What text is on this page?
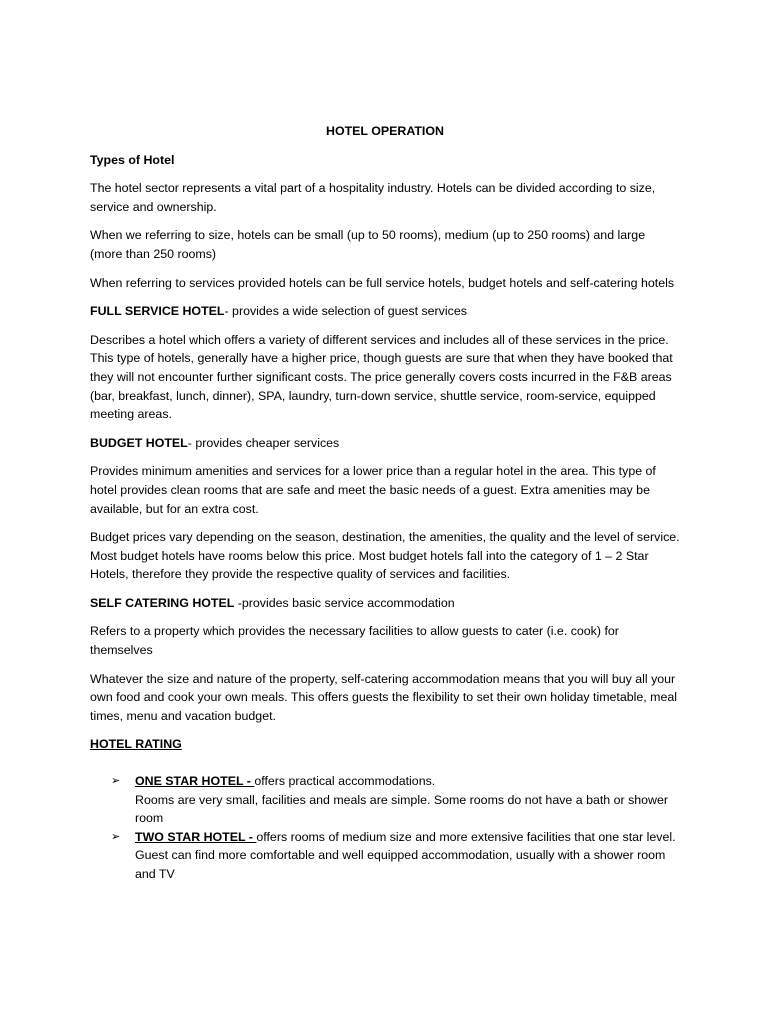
HOTEL OPERATION
Types of Hotel

The hotel sector represents a vital part of a hospitality industry. Hotels can be divided according to size, service and ownership.

When we referring to size, hotels can be small (up to 50 rooms), medium (up to 250 rooms) and large (more than 250 rooms)

When referring to services provided hotels can be full service hotels, budget hotels and self-catering hotels

FULL SERVICE HOTEL- provides a wide selection of guest services

Describes a hotel which offers a variety of different services and includes all of these services in the price. This type of hotels, generally have a higher price, though guests are sure that when they have booked that they will not encounter further significant costs. The price generally covers costs incurred in the F&B areas (bar, breakfast, lunch, dinner), SPA, laundry, turn-down service, shuttle service, room-service, equipped meeting areas.

BUDGET HOTEL- provides cheaper services

Provides minimum amenities and services for a lower price than a regular hotel in the area. This type of hotel provides clean rooms that are safe and meet the basic needs of a guest. Extra amenities may be available, but for an extra cost.

Budget prices vary depending on the season, destination, the amenities, the quality and the level of service. Most budget hotels have rooms below this price. Most budget hotels fall into the category of 1 – 2 Star Hotels, therefore they provide the respective quality of services and facilities.

SELF CATERING HOTEL -provides basic service accommodation

Refers to a property which provides the necessary facilities to allow guests to cater (i.e. cook) for themselves

Whatever the size and nature of the property, self-catering accommodation means that you will buy all your own food and cook your own meals. This offers guests the flexibility to set their own holiday timetable, meal times, menu and vacation budget.

HOTEL RATING
➢ ONE STAR HOTEL - offers practical accommodations.
Rooms are very small, facilities and meals are simple. Some rooms do not have a bath or shower room
➢ TWO STAR HOTEL - offers rooms of medium size and more extensive facilities that one star level.
Guest can find more comfortable and well equipped accommodation, usually with a shower room and TV
